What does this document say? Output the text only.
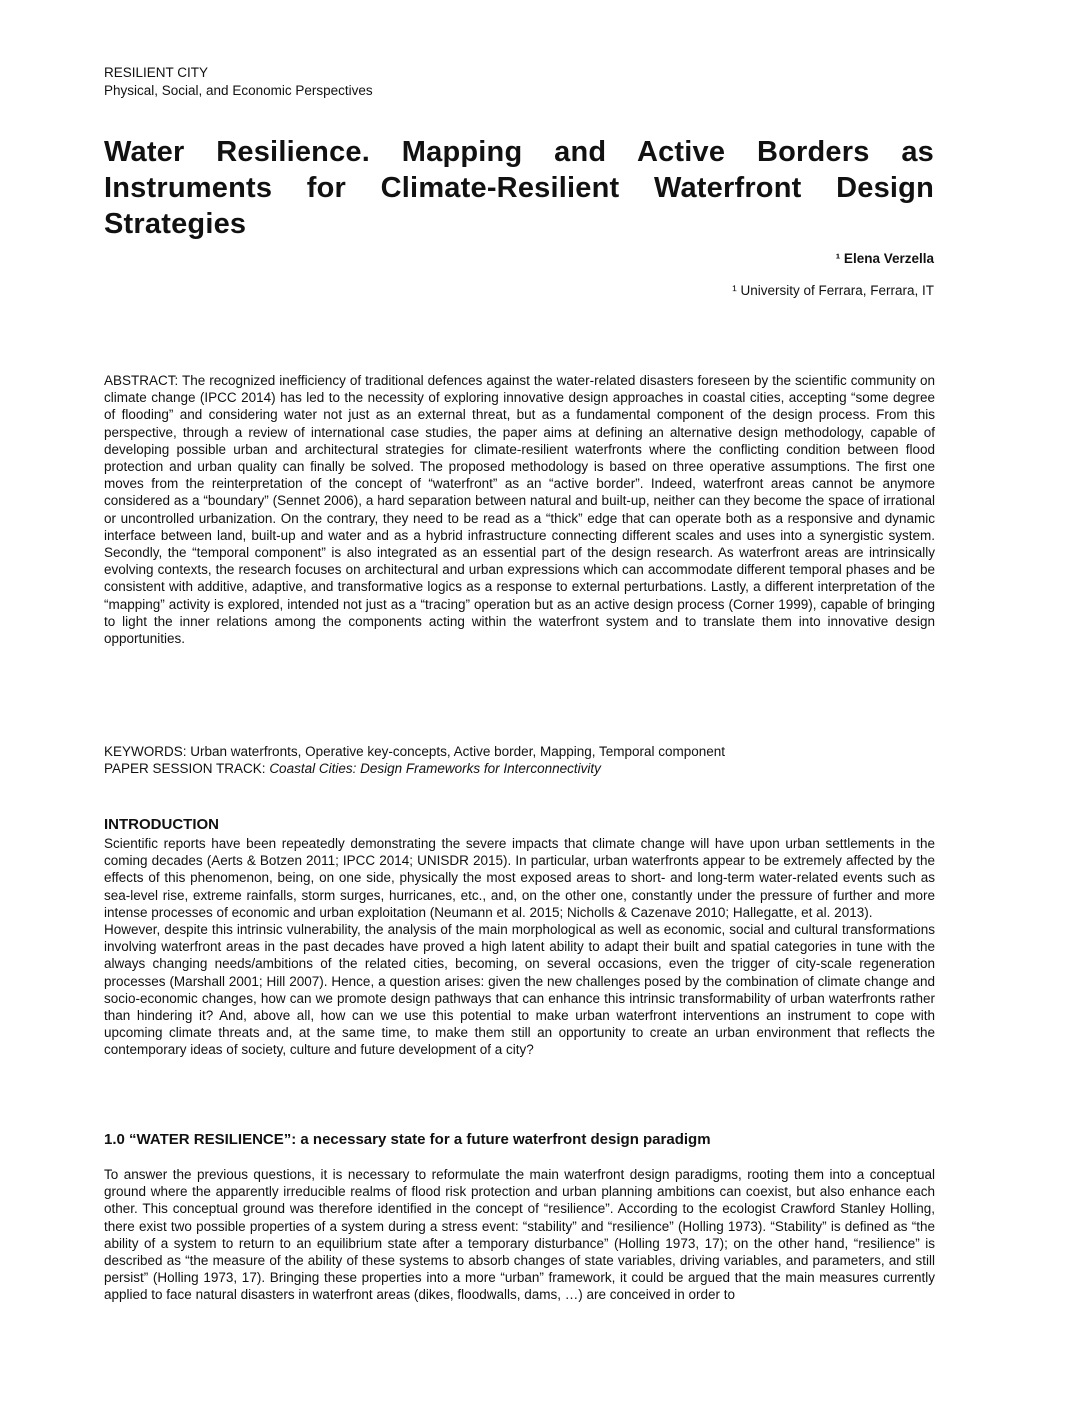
RESILIENT CITY
Physical, Social, and Economic Perspectives
Water Resilience. Mapping and Active Borders as Instruments for Climate-Resilient Waterfront Design Strategies
¹ Elena Verzella
¹ University of Ferrara, Ferrara, IT

ABSTRACT: The recognized inefficiency of traditional defences against the water-related disasters foreseen by the scientific community on climate change (IPCC 2014) has led to the necessity of exploring innovative design approaches in coastal cities, accepting “some degree of flooding” and considering water not just as an external threat, but as a fundamental component of the design process. From this perspective, through a review of international case studies, the paper aims at defining an alternative design methodology, capable of developing possible urban and architectural strategies for climate-resilient waterfronts where the conflicting condition between flood protection and urban quality can finally be solved. The proposed methodology is based on three operative assumptions. The first one moves from the reinterpretation of the concept of “waterfront” as an “active border”. Indeed, waterfront areas cannot be anymore considered as a “boundary” (Sennet 2006), a hard separation between natural and built-up, neither can they become the space of irrational or uncontrolled urbanization. On the contrary, they need to be read as a “thick” edge that can operate both as a responsive and dynamic interface between land, built-up and water and as a hybrid infrastructure connecting different scales and uses into a synergistic system. Secondly, the “temporal component” is also integrated as an essential part of the design research. As waterfront areas are intrinsically evolving contexts, the research focuses on architectural and urban expressions which can accommodate different temporal phases and be consistent with additive, adaptive, and transformative logics as a response to external perturbations. Lastly, a different interpretation of the “mapping” activity is explored, intended not just as a “tracing” operation but as an active design process (Corner 1999), capable of bringing to light the inner relations among the components acting within the waterfront system and to translate them into innovative design opportunities.

KEYWORDS: Urban waterfronts, Operative key-concepts, Active border, Mapping, Temporal component
PAPER SESSION TRACK: Coastal Cities: Design Frameworks for Interconnectivity
INTRODUCTION

Scientific reports have been repeatedly demonstrating the severe impacts that climate change will have upon urban settlements in the coming decades (Aerts & Botzen 2011; IPCC 2014; UNISDR 2015). In particular, urban waterfronts appear to be extremely affected by the effects of this phenomenon, being, on one side, physically the most exposed areas to short- and long-term water-related events such as sea-level rise, extreme rainfalls, storm surges, hurricanes, etc., and, on the other one, constantly under the pressure of further and more intense processes of economic and urban exploitation (Neumann et al. 2015; Nicholls & Cazenave 2010; Hallegatte, et al. 2013).

However, despite this intrinsic vulnerability, the analysis of the main morphological as well as economic, social and cultural transformations involving waterfront areas in the past decades have proved a high latent ability to adapt their built and spatial categories in tune with the always changing needs/ambitions of the related cities, becoming, on several occasions, even the trigger of city-scale regeneration processes (Marshall 2001; Hill 2007). Hence, a question arises: given the new challenges posed by the combination of climate change and socio-economic changes, how can we promote design pathways that can enhance this intrinsic transformability of urban waterfronts rather than hindering it? And, above all, how can we use this potential to make urban waterfront interventions an instrument to cope with upcoming climate threats and, at the same time, to make them still an opportunity to create an urban environment that reflects the contemporary ideas of society, culture and future development of a city?

1.0 “WATER RESILIENCE”: a necessary state for a future waterfront design paradigm

To answer the previous questions, it is necessary to reformulate the main waterfront design paradigms, rooting them into a conceptual ground where the apparently irreducible realms of flood risk protection and urban planning ambitions can coexist, but also enhance each other. This conceptual ground was therefore identified in the concept of “resilience”. According to the ecologist Crawford Stanley Holling, there exist two possible properties of a system during a stress event: “stability” and “resilience” (Holling 1973). “Stability” is defined as “the ability of a system to return to an equilibrium state after a temporary disturbance” (Holling 1973, 17); on the other hand, “resilience” is described as “the measure of the ability of these systems to absorb changes of state variables, driving variables, and parameters, and still persist” (Holling 1973, 17). Bringing these properties into a more “urban” framework, it could be argued that the main measures currently applied to face natural disasters in waterfront areas (dikes, floodwalls, dams, …) are conceived in order to
